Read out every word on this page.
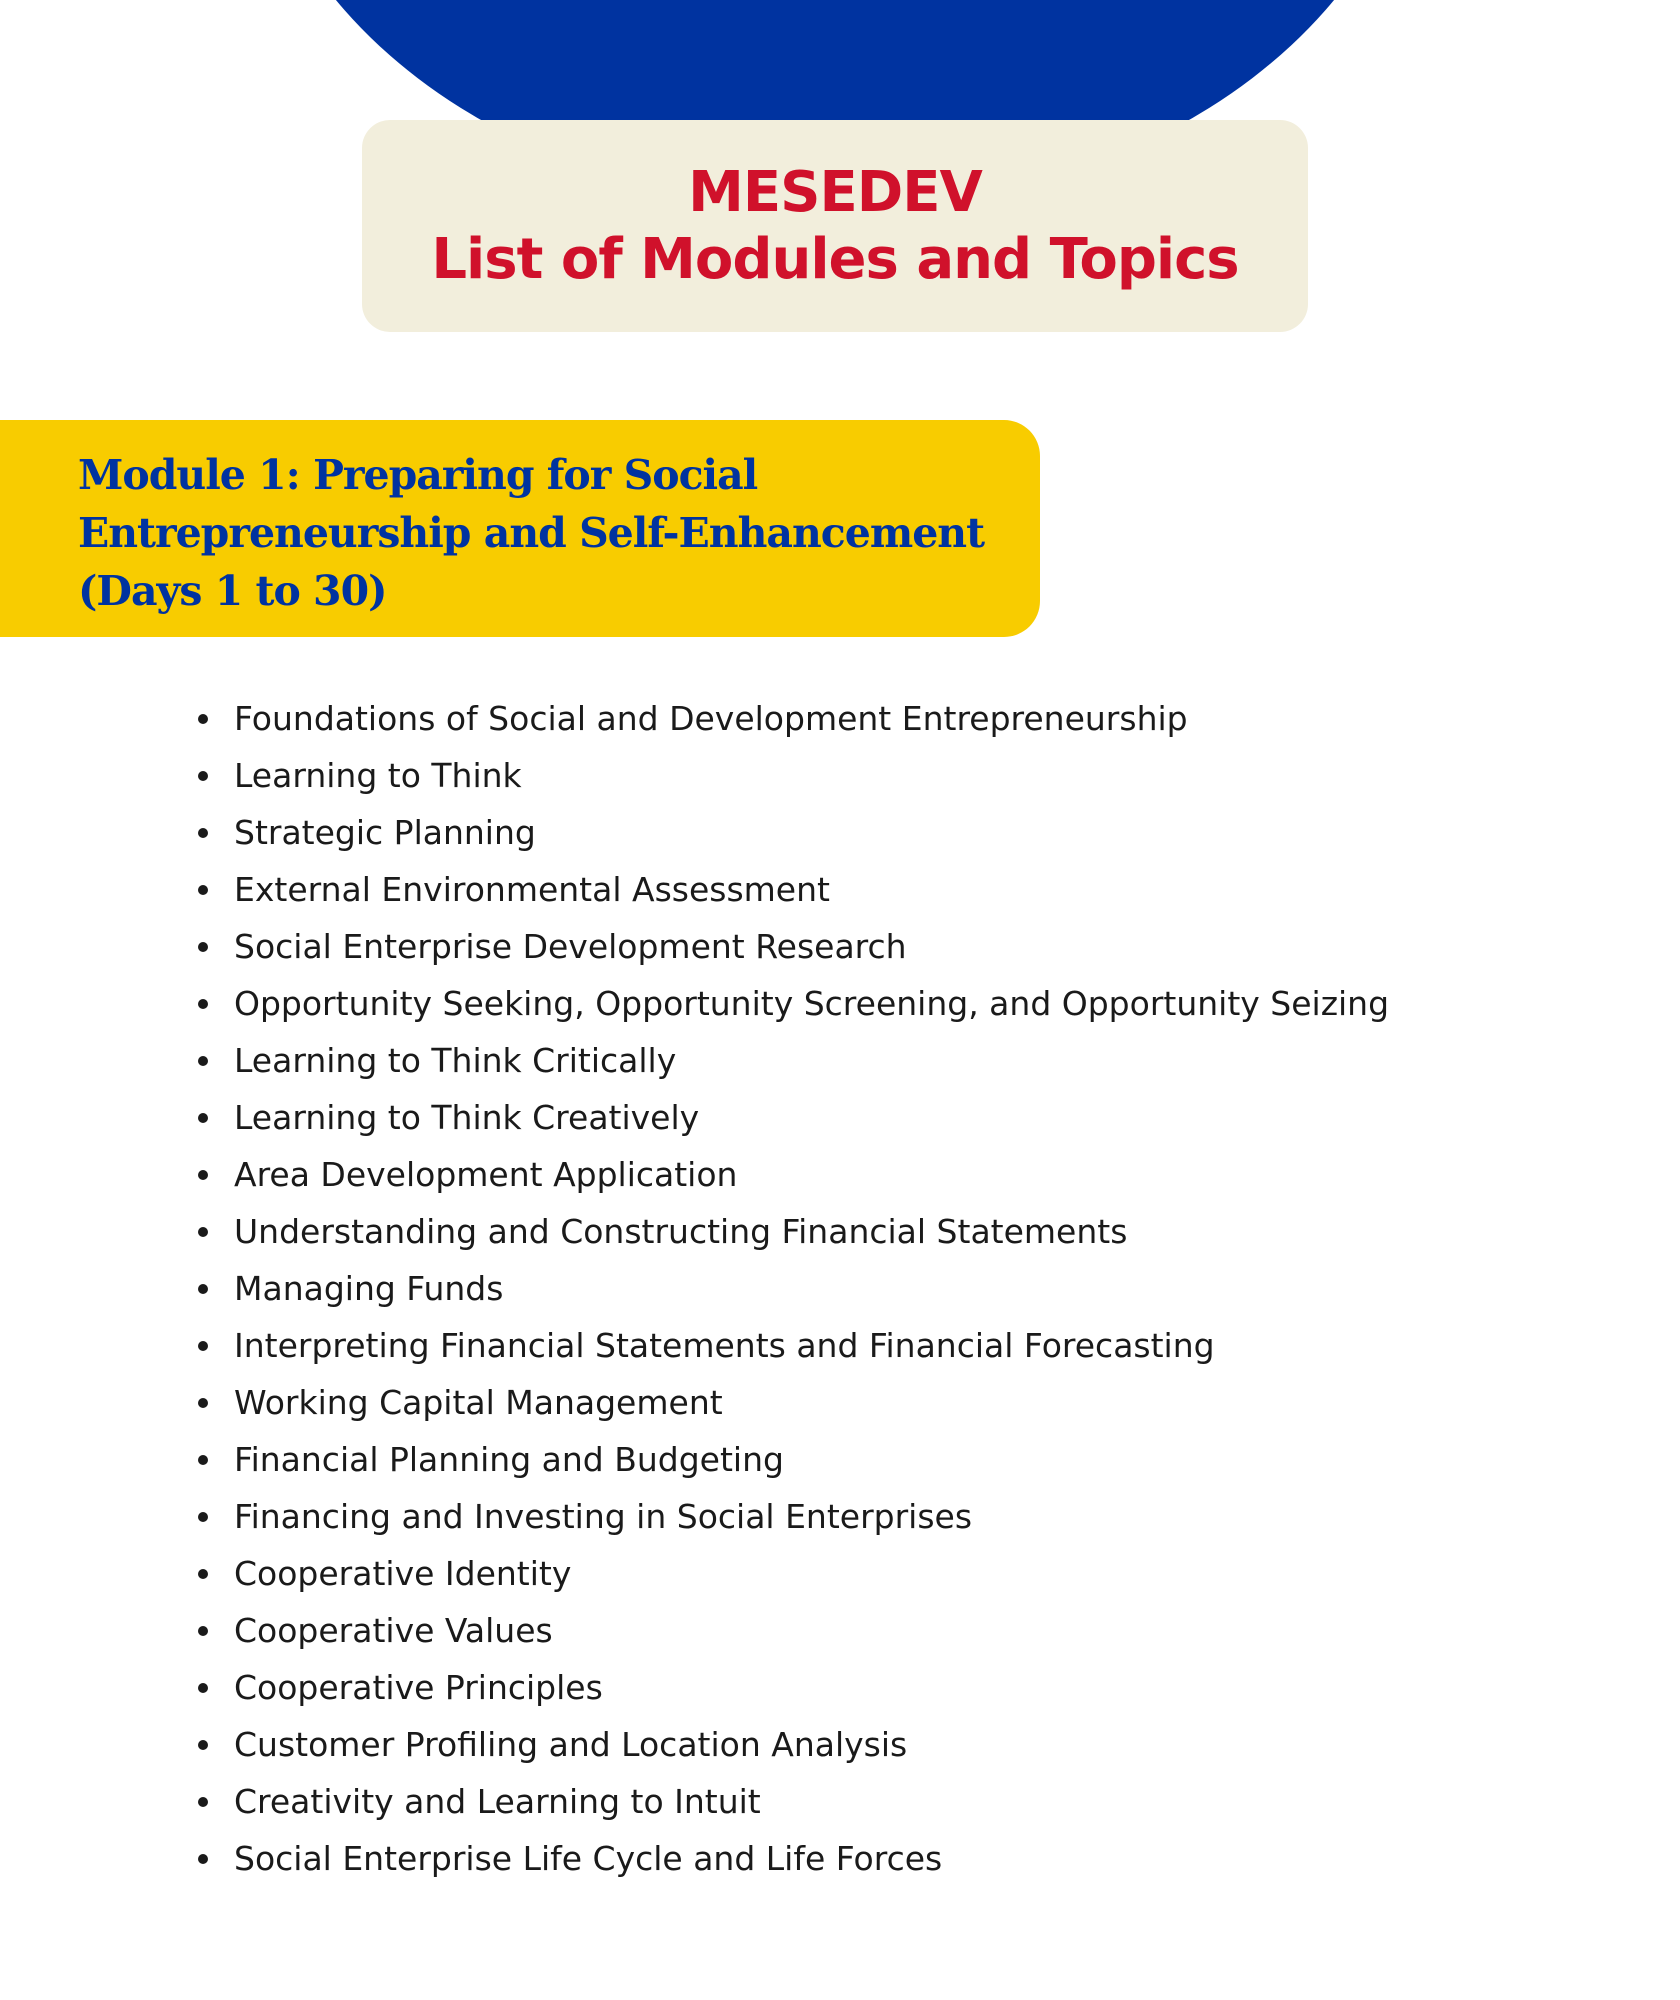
MESEDEV
List of Modules and Topics
Module 1: Preparing for Social
Entrepreneurship and Self-Enhancement
(Days 1 to 30)
Foundations of Social and Development Entrepreneurship
Learning to Think
Strategic Planning
External Environmental Assessment
Social Enterprise Development Research
Opportunity Seeking, Opportunity Screening, and Opportunity Seizing
Learning to Think Critically
Learning to Think Creatively
Area Development Application
Understanding and Constructing Financial Statements
Managing Funds
Interpreting Financial Statements and Financial Forecasting
Working Capital Management
Financial Planning and Budgeting
Financing and Investing in Social Enterprises
Cooperative Identity
Cooperative Values
Cooperative Principles
Customer Profiling and Location Analysis
Creativity and Learning to Intuit
Social Enterprise Life Cycle and Life Forces
